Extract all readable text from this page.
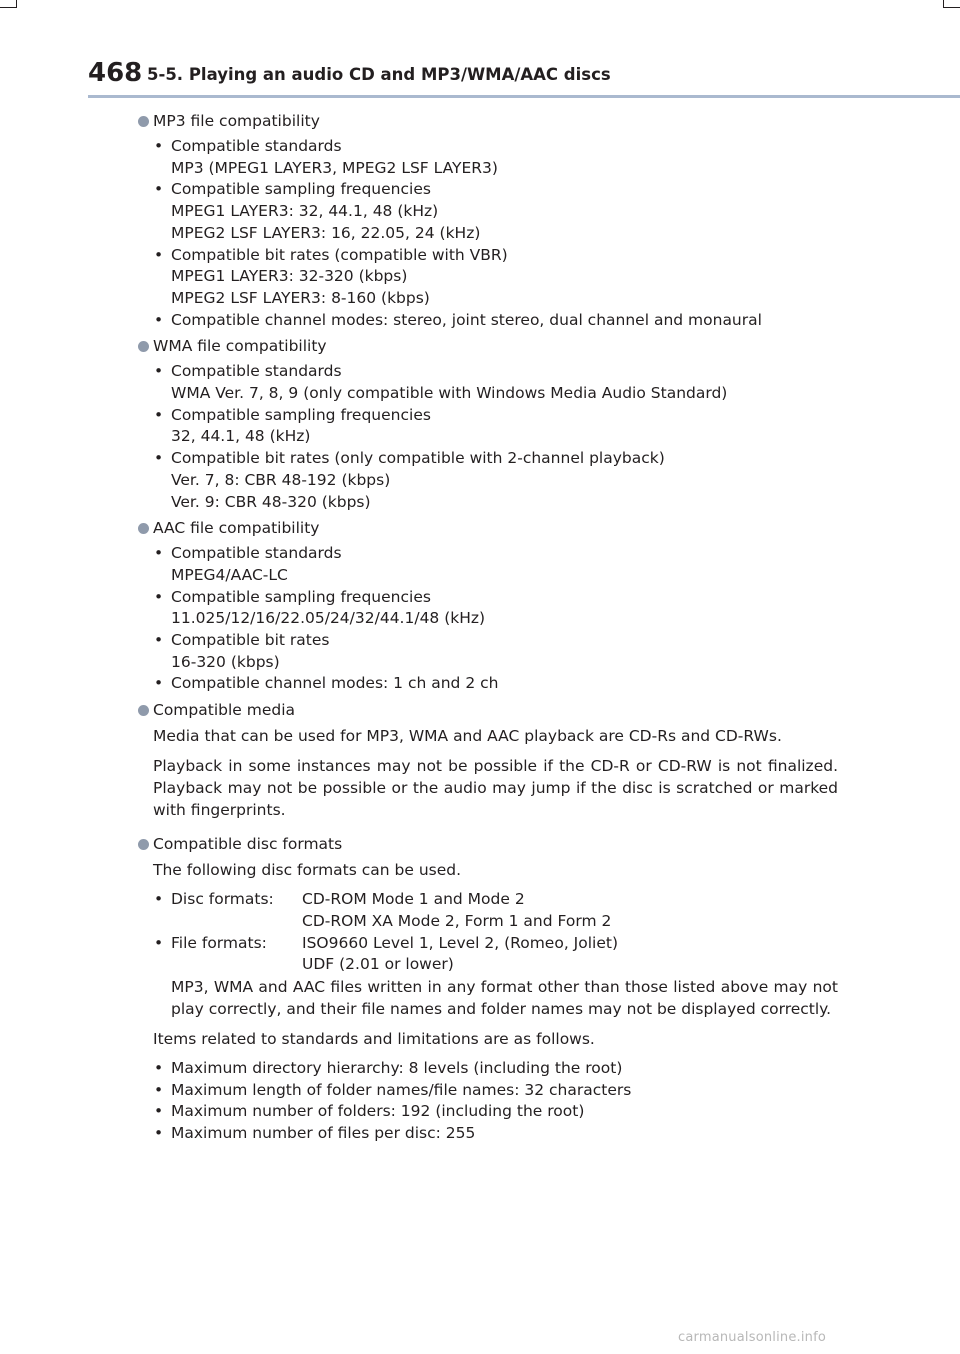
468 5-5. Playing an audio CD and MP3/WMA/AAC discs
MP3 file compatibility
• Compatible standards
MP3 (MPEG1 LAYER3, MPEG2 LSF LAYER3)
• Compatible sampling frequencies
MPEG1 LAYER3: 32, 44.1, 48 (kHz)
MPEG2 LSF LAYER3: 16, 22.05, 24 (kHz)
• Compatible bit rates (compatible with VBR)
MPEG1 LAYER3: 32-320 (kbps)
MPEG2 LSF LAYER3: 8-160 (kbps)
• Compatible channel modes: stereo, joint stereo, dual channel and monaural
WMA file compatibility
• Compatible standards
WMA Ver. 7, 8, 9 (only compatible with Windows Media Audio Standard)
• Compatible sampling frequencies
32, 44.1, 48 (kHz)
• Compatible bit rates (only compatible with 2-channel playback)
Ver. 7, 8: CBR 48-192 (kbps)
Ver. 9: CBR 48-320 (kbps)
AAC file compatibility
• Compatible standards
MPEG4/AAC-LC
• Compatible sampling frequencies
11.025/12/16/22.05/24/32/44.1/48 (kHz)
• Compatible bit rates
16-320 (kbps)
• Compatible channel modes: 1 ch and 2 ch
Compatible media

Media that can be used for MP3, WMA and AAC playback are CD-Rs and CD-RWs.

Playback in some instances may not be possible if the CD-R or CD-RW is not finalized. Playback may not be possible or the audio may jump if the disc is scratched or marked with fingerprints.

Compatible disc formats

The following disc formats can be used.

• Disc formats: CD-ROM Mode 1 and Mode 2
CD-ROM XA Mode 2, Form 1 and Form 2
• File formats: ISO9660 Level 1, Level 2, (Romeo, Joliet)
UDF (2.01 or lower)

MP3, WMA and AAC files written in any format other than those listed above may not play correctly, and their file names and folder names may not be displayed correctly.

Items related to standards and limitations are as follows.

• Maximum directory hierarchy: 8 levels (including the root)
• Maximum length of folder names/file names: 32 characters
• Maximum number of folders: 192 (including the root)
• Maximum number of files per disc: 255
carmanualsonline.info
